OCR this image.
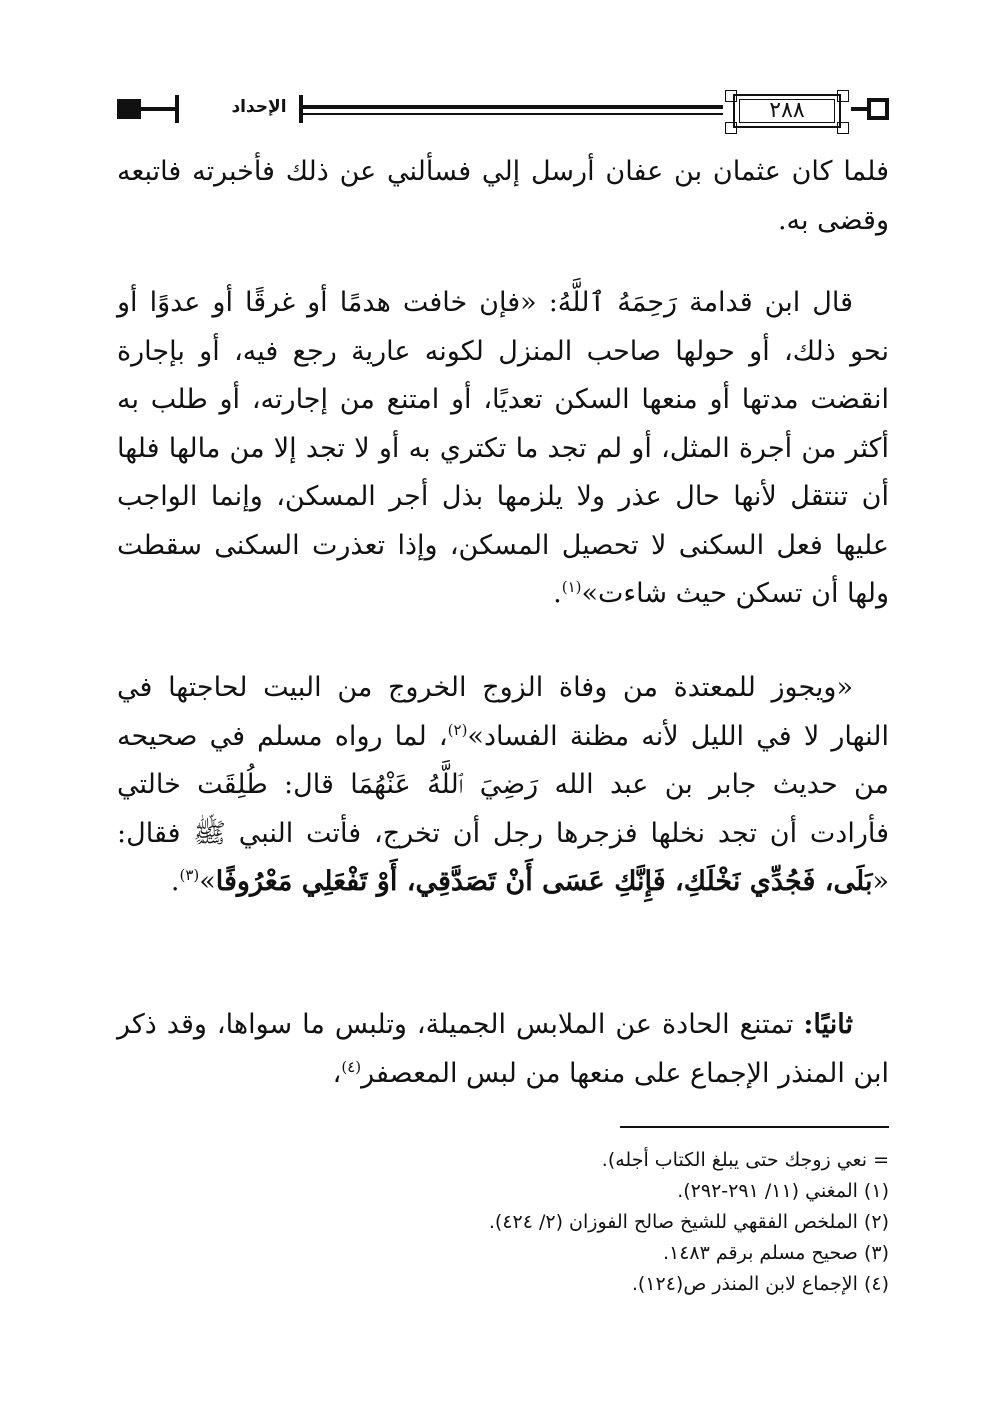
٢٨٨
الإحداد

فلما كان عثمان بن عفان أرسل إلي فسألني عن ذلك فأخبرته فاتبعه وقضى به.

قال ابن قدامة رَحِمَهُ ٱللَّهُ: «فإن خافت هدمًا أو غرقًا أو عدوًا أو نحو ذلك، أو حولها صاحب المنزل لكونه عارية رجع فيه، أو بإجارة انقضت مدتها أو منعها السكن تعديًا، أو امتنع من إجارته، أو طلب به أكثر من أجرة المثل، أو لم تجد ما تكتري به أو لا تجد إلا من مالها فلها أن تنتقل لأنها حال عذر ولا يلزمها بذل أجر المسكن، وإنما الواجب عليها فعل السكنى لا تحصيل المسكن، وإذا تعذرت السكنى سقطت ولها أن تسكن حيث شاءت»$^{(١)}$.

«ويجوز للمعتدة من وفاة الزوج الخروج من البيت لحاجتها في النهار لا في الليل لأنه مظنة الفساد»$^{(٢)}$، لما رواه مسلم في صحيحه من حديث جابر بن عبد الله رَضِيَ ٱللَّهُ عَنْهُمَا قال: طُلِقَت خالتي فأرادت أن تجد نخلها فزجرها رجل أن تخرج، فأتت النبي ﷺ فقال: «بَلَى، فَجُدِّي نَخْلَكِ، فَإِنَّكِ عَسَى أَنْ تَصَدَّقِي، أَوْ تَفْعَلِي مَعْرُوفًا»$^{(٣)}$.

ثانيًا: تمتنع الحادة عن الملابس الجميلة، وتلبس ما سواها، وقد ذكر ابن المنذر الإجماع على منعها من لبس المعصفر$^{(٤)}$،

= نعي زوجك حتى يبلغ الكتاب أجله).
(١) المغني (١١/ ٢٩١-٢٩٢).
(٢) الملخص الفقهي للشيخ صالح الفوزان (٢/ ٤٢٤).
(٣) صحيح مسلم برقم ١٤٨٣.
(٤) الإجماع لابن المنذر ص(١٢٤).
